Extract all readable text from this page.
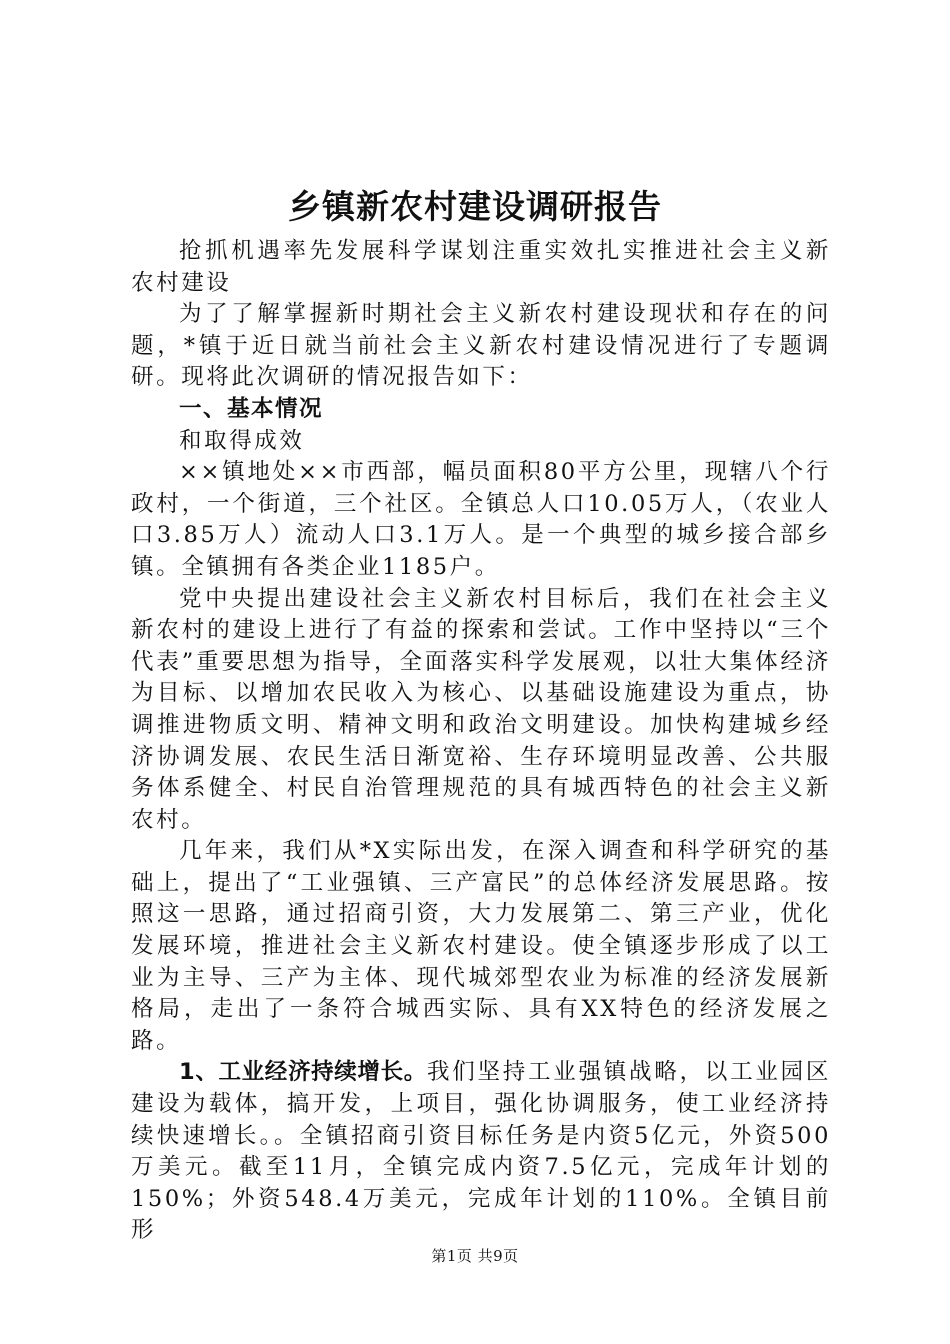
乡镇新农村建设调研报告

抢抓机遇率先发展科学谋划注重实效扎实推进社会主义新农村建设

为了了解掌握新时期社会主义新农村建设现状和存在的问题，*镇于近日就当前社会主义新农村建设情况进行了专题调研。现将此次调研的情况报告如下：

一、基本情况

和取得成效

××镇地处××市西部，幅员面积80平方公里，现辖八个行政村，一个街道，三个社区。全镇总人口10.05万人，（农业人口3.85万人）流动人口3.1万人。是一个典型的城乡接合部乡镇。全镇拥有各类企业1185户。

党中央提出建设社会主义新农村目标后，我们在社会主义新农村的建设上进行了有益的探索和尝试。工作中坚持以“三个代表”重要思想为指导，全面落实科学发展观，以壮大集体经济为目标、以增加农民收入为核心、以基础设施建设为重点，协调推进物质文明、精神文明和政治文明建设。加快构建城乡经济协调发展、农民生活日渐宽裕、生存环境明显改善、公共服务体系健全、村民自治管理规范的具有城西特色的社会主义新农村。

几年来，我们从*X实际出发，在深入调查和科学研究的基础上，提出了“工业强镇、三产富民”的总体经济发展思路。按照这一思路，通过招商引资，大力发展第二、第三产业，优化发展环境，推进社会主义新农村建设。使全镇逐步形成了以工业为主导、三产为主体、现代城郊型农业为标准的经济发展新格局，走出了一条符合城西实际、具有XX特色的经济发展之路。

1、工业经济持续增长。我们坚持工业强镇战略，以工业园区建设为载体，搞开发，上项目，强化协调服务，使工业经济持续快速增长。。全镇招商引资目标任务是内资5亿元，外资500万美元。截至11月，全镇完成内资7.5亿元，完成年计划的150%；外资548.4万美元，完成年计划的110%。全镇目前形

第1页 共9页
